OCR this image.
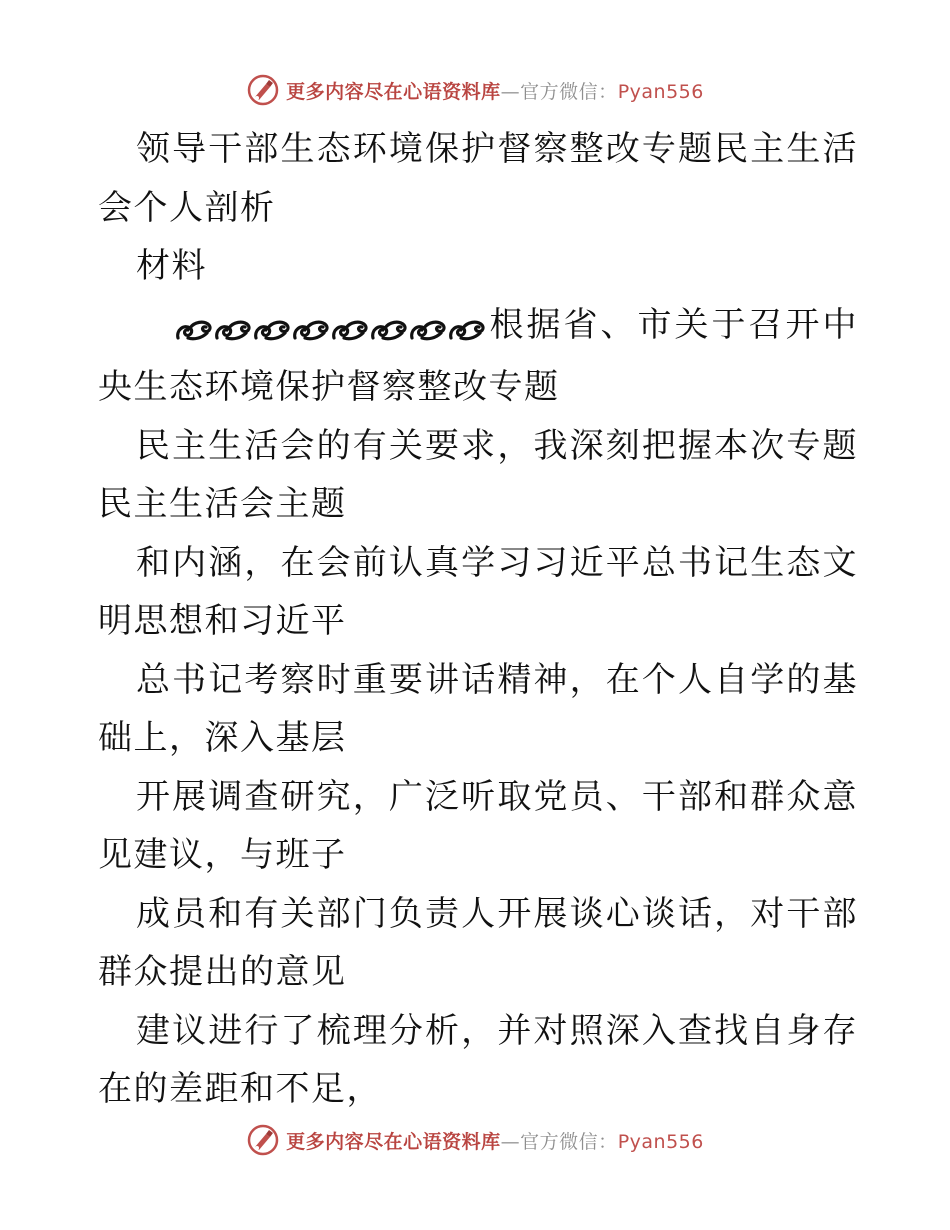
更多内容尽在心语资料库—官方微信：Pyan556

领导干部生态环境保护督察整改专题民主生活会个人剖析

材料

根据省、市关于召开中央生态环境保护督察整改专题

民主生活会的有关要求，我深刻把握本次专题民主生活会主题

和内涵，在会前认真学习习近平总书记生态文明思想和习近平

总书记考察时重要讲话精神，在个人自学的基础上，深入基层

开展调查研究，广泛听取党员、干部和群众意见建议，与班子

成员和有关部门负责人开展谈心谈话，对干部群众提出的意见

建议进行了梳理分析，并对照深入查找自身存在的差距和不足，

更多内容尽在心语资料库—官方微信：Pyan556
